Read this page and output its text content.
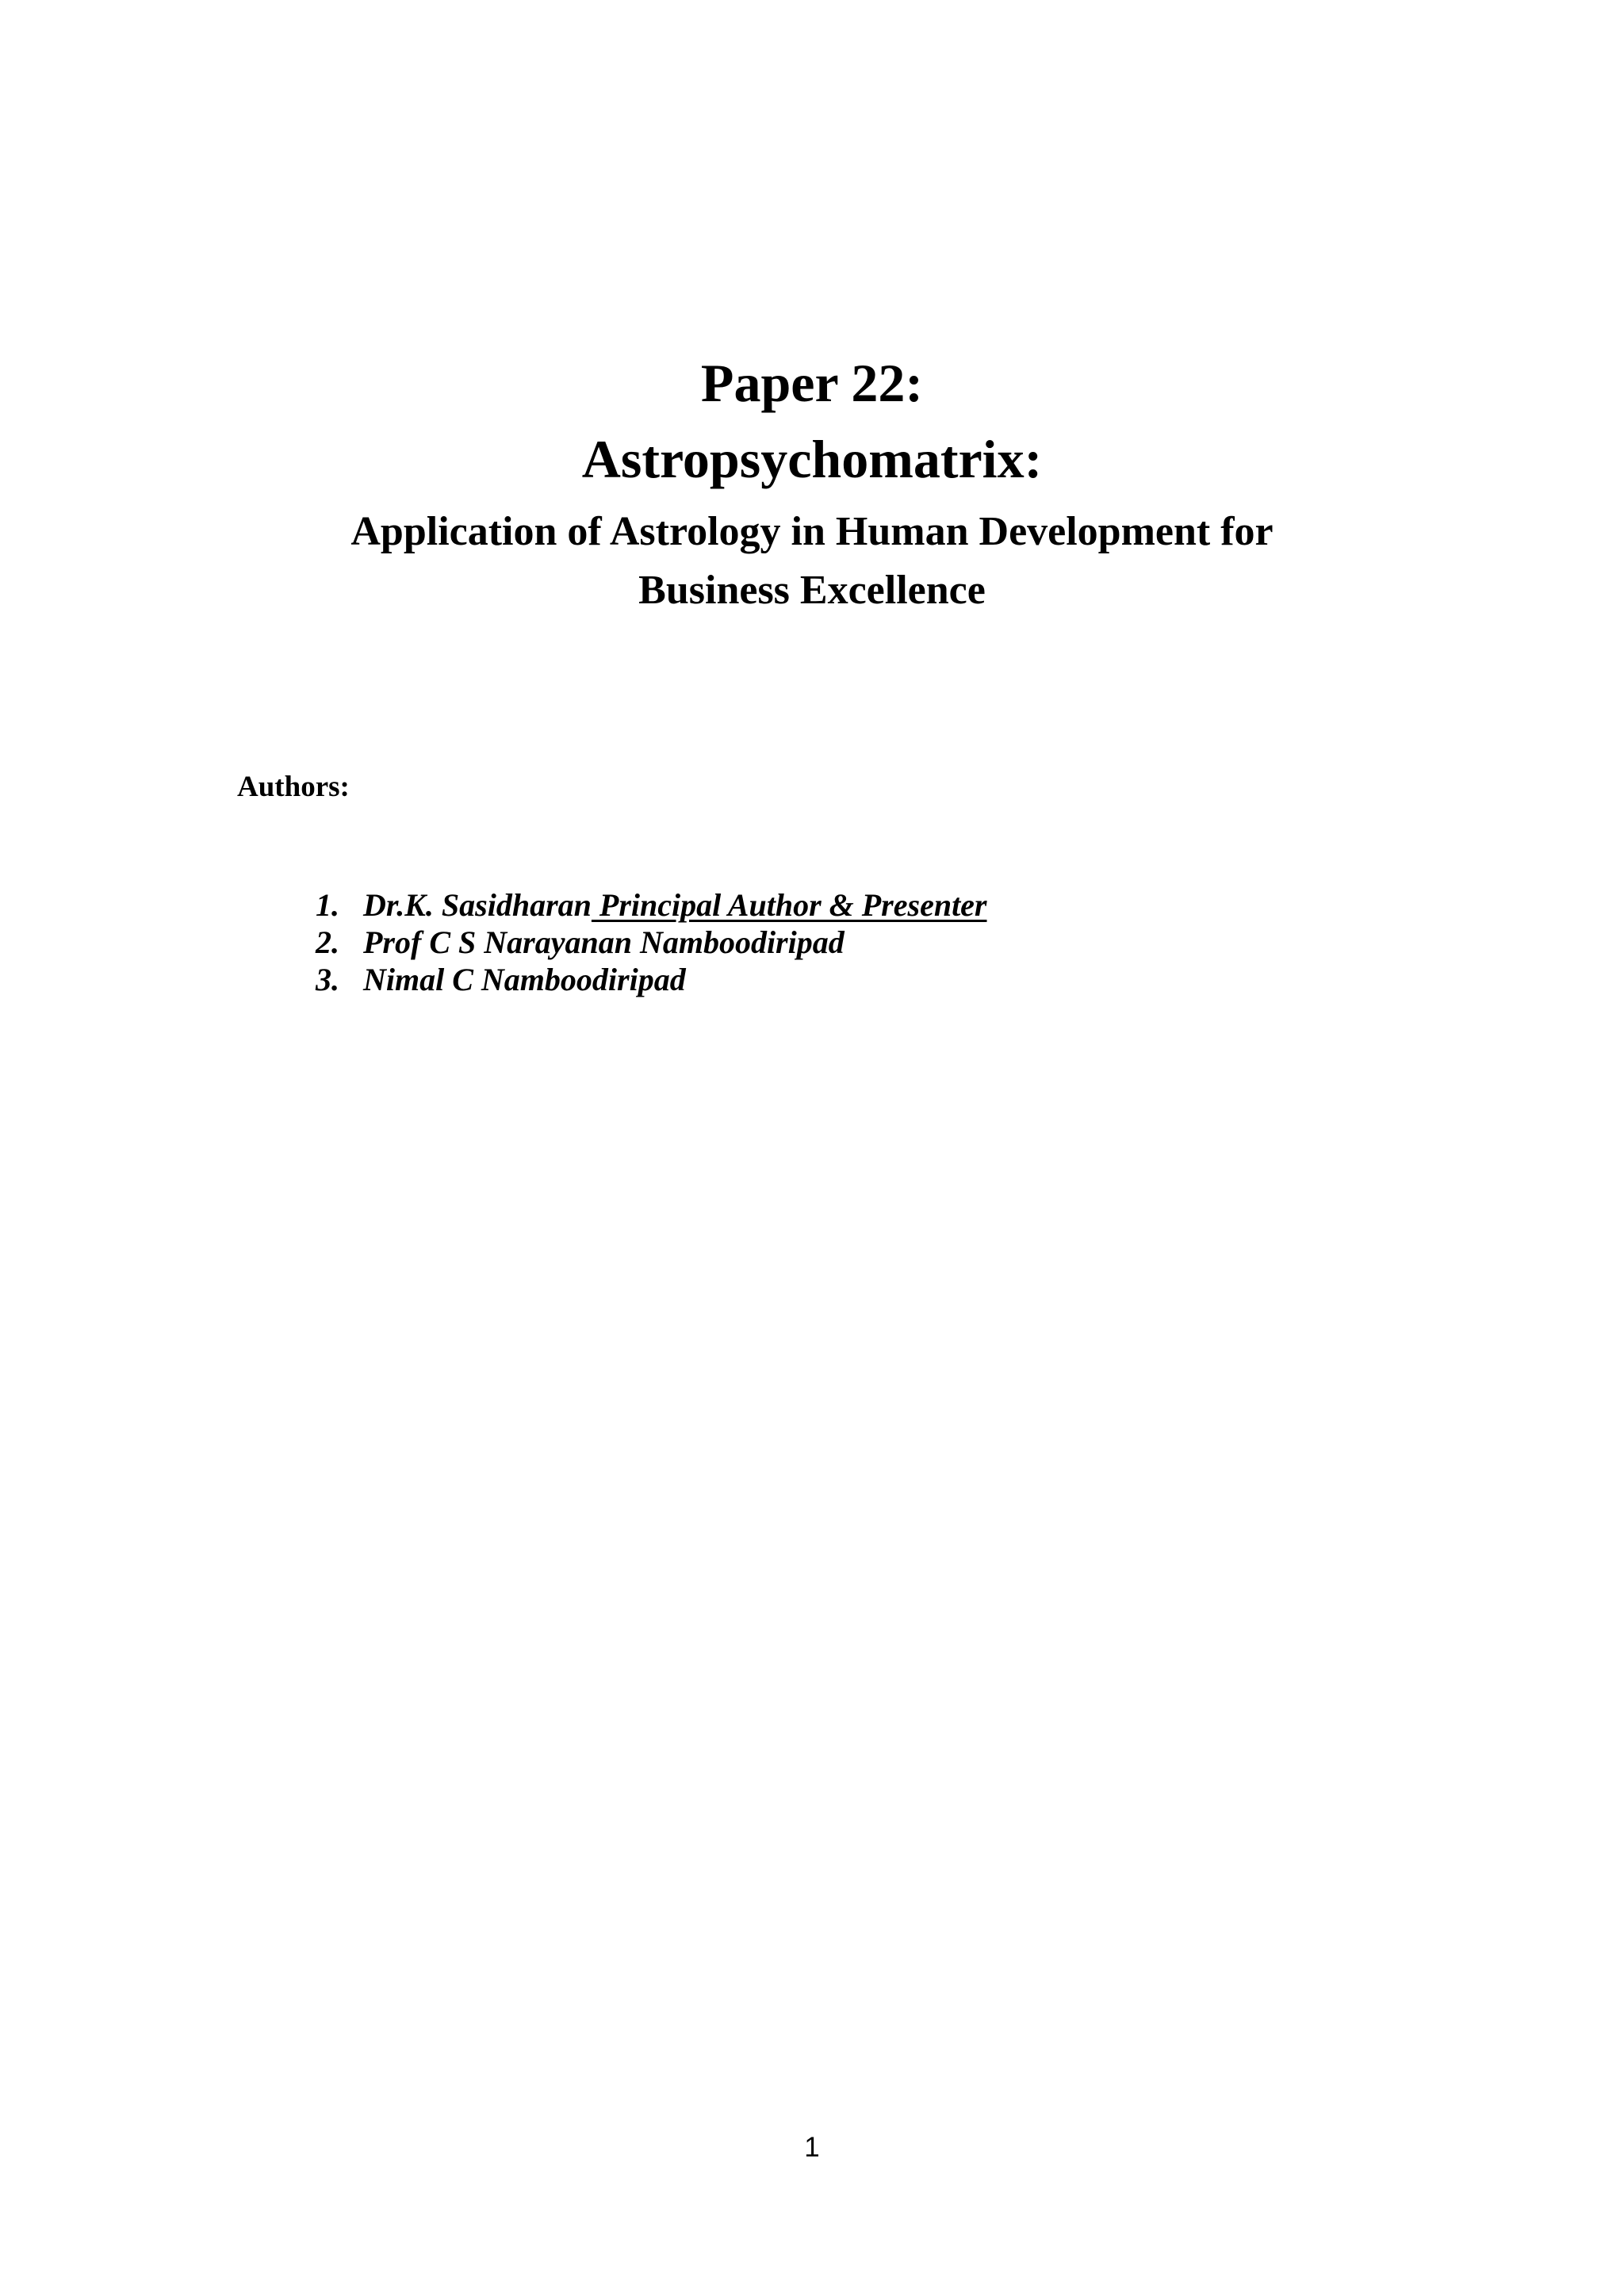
Paper 22:
Astropsychomatrix:
Application of Astrology in Human Development for
Business Excellence
Authors:
1. Dr.K. Sasidharan Principal Author & Presenter
2. Prof C S Narayanan Namboodiripad
3. Nimal C Namboodiripad
1
